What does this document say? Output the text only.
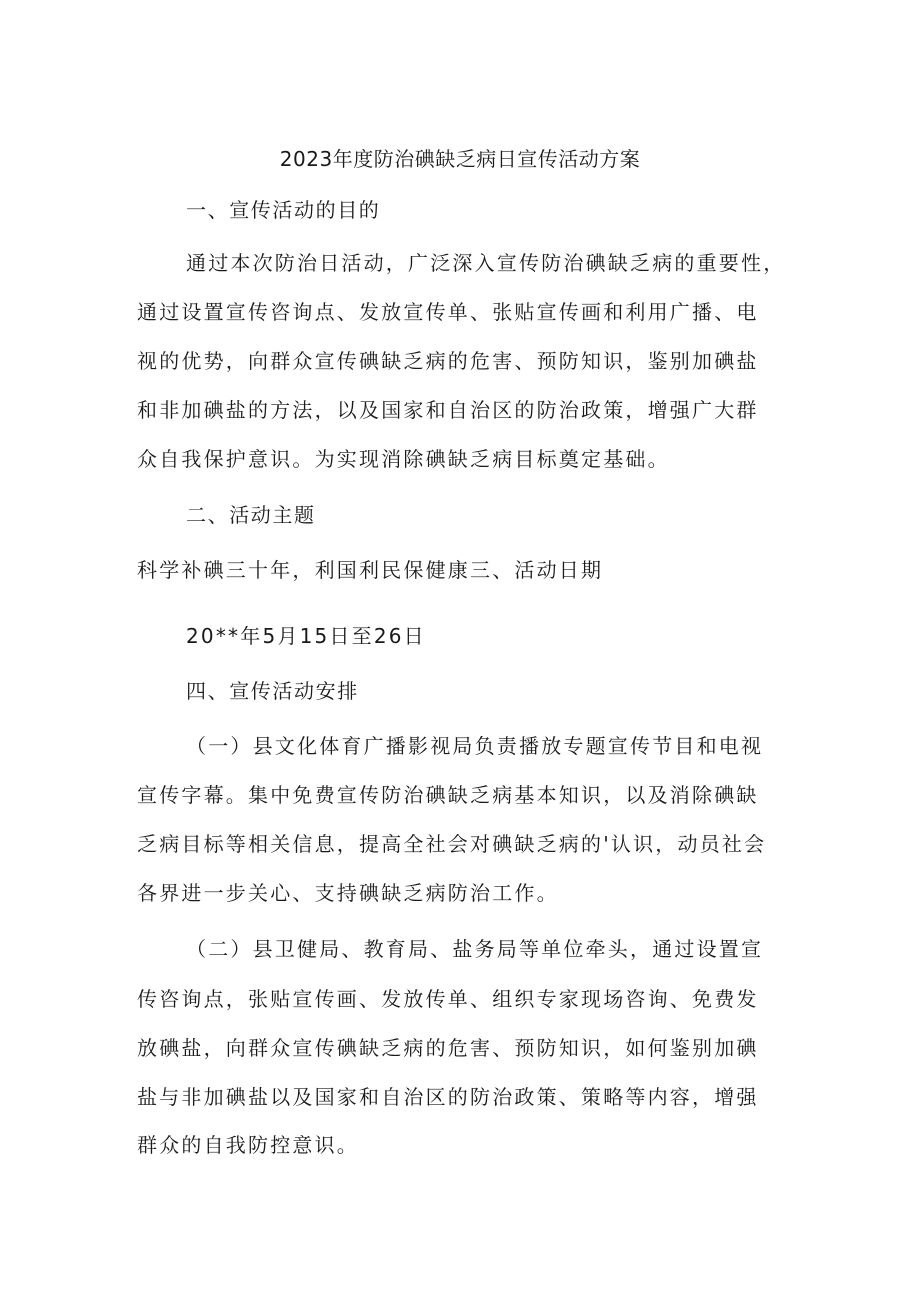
2023年度防治碘缺乏病日宣传活动方案

一、宣传活动的目的

通过本次防治日活动，广泛深入宣传防治碘缺乏病的重要性，

通过设置宣传咨询点、发放宣传单、张贴宣传画和利用广播、电

视的优势，向群众宣传碘缺乏病的危害、预防知识，鉴别加碘盐

和非加碘盐的方法，以及国家和自治区的防治政策，增强广大群

众自我保护意识。为实现消除碘缺乏病目标奠定基础。

二、活动主题

科学补碘三十年，利国利民保健康三、活动日期

20**年5月15日至26日

四、宣传活动安排

（一）县文化体育广播影视局负责播放专题宣传节目和电视

宣传字幕。集中免费宣传防治碘缺乏病基本知识，以及消除碘缺

乏病目标等相关信息，提高全社会对碘缺乏病的'认识，动员社会

各界进一步关心、支持碘缺乏病防治工作。

（二）县卫健局、教育局、盐务局等单位牵头，通过设置宣

传咨询点，张贴宣传画、发放传单、组织专家现场咨询、免费发

放碘盐，向群众宣传碘缺乏病的危害、预防知识，如何鉴别加碘

盐与非加碘盐以及国家和自治区的防治政策、策略等内容，增强

群众的自我防控意识。
